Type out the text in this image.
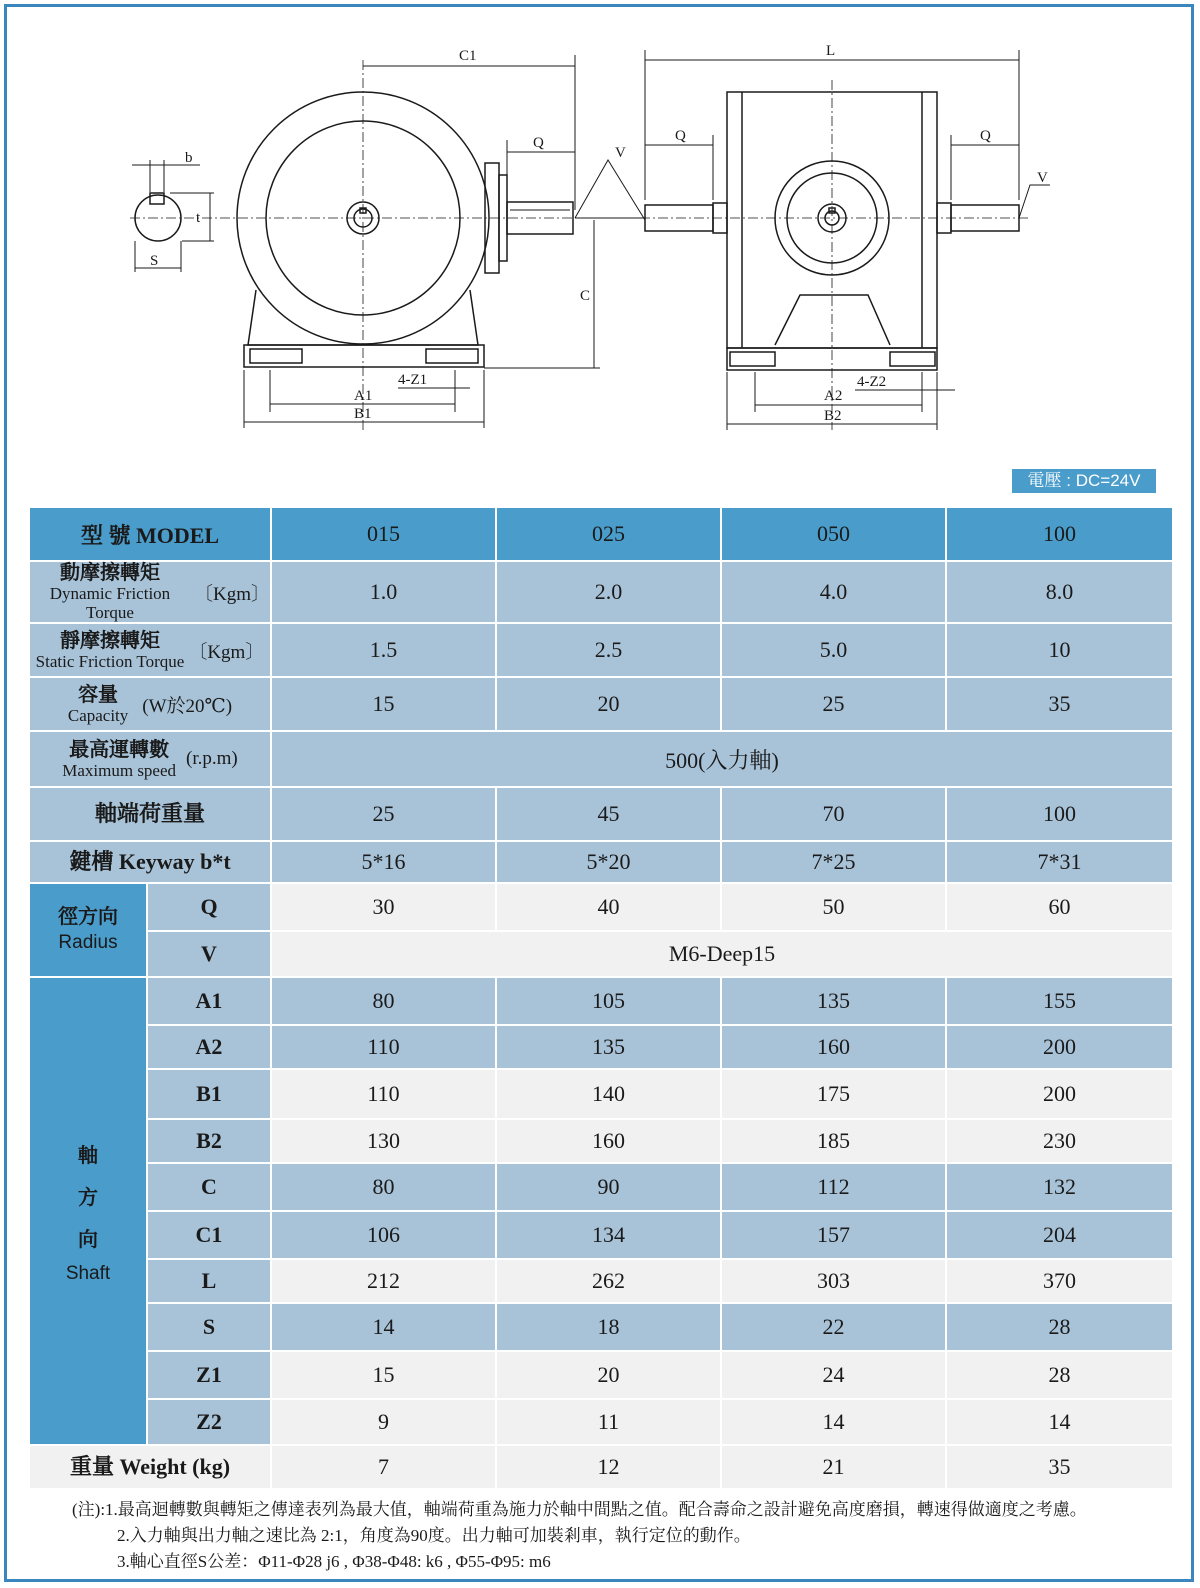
C1
Q
V
b
t
S
C
A1
B1
4-Z1
L
Q	Q
V
A2
B2
4-Z2
電壓 : DC=24V
型 號 MODEL		015	025	050	100

動摩擦轉矩
Dynamic Friction Torque
〔Kgm〕		1.0	2.0	4.0	8.0

靜摩擦轉矩
Static Friction Torque 〔Kgm〕		1.5	2.5	5.0	10

容量
Capacity (W於20℃)		15	20	25	35

最高運轉數
Maximum speed
(r.p.m)		500(入力軸)			
軸端荷重量		25	45	70	100
鍵槽 Keyway b*t		5*16	5*20	7*25	7*31

徑方向
Radius	Q	30	40	50	60
	V	M6-Deep15			

軸
方
向
Shaft	A1	80	105	135	155
	A2	110	135	160	200
	B1	110	140	175	200
	B2	130	160	185	230
	C	80	90	112	132
	C1	106	134	157	204
	L	212	262	303	370
	S	14	18	22	28
	Z1	15	20	24	28
	Z2	9	11	14	14
重量 Weight (kg)		7	12	21	35
(注):1.最高迴轉數與轉矩之傳達表列為最大值，軸端荷重為施力於軸中間點之值。配合壽命之設計避免高度磨損，轉速得做適度之考慮。
2.入力軸與出力軸之速比為 2:1，角度為90度。出力軸可加裝剎車，執行定位的動作。
3.軸心直徑S公差：Φ11-Φ28 j6 , Φ38-Φ48: k6 , Φ55-Φ95: m6
